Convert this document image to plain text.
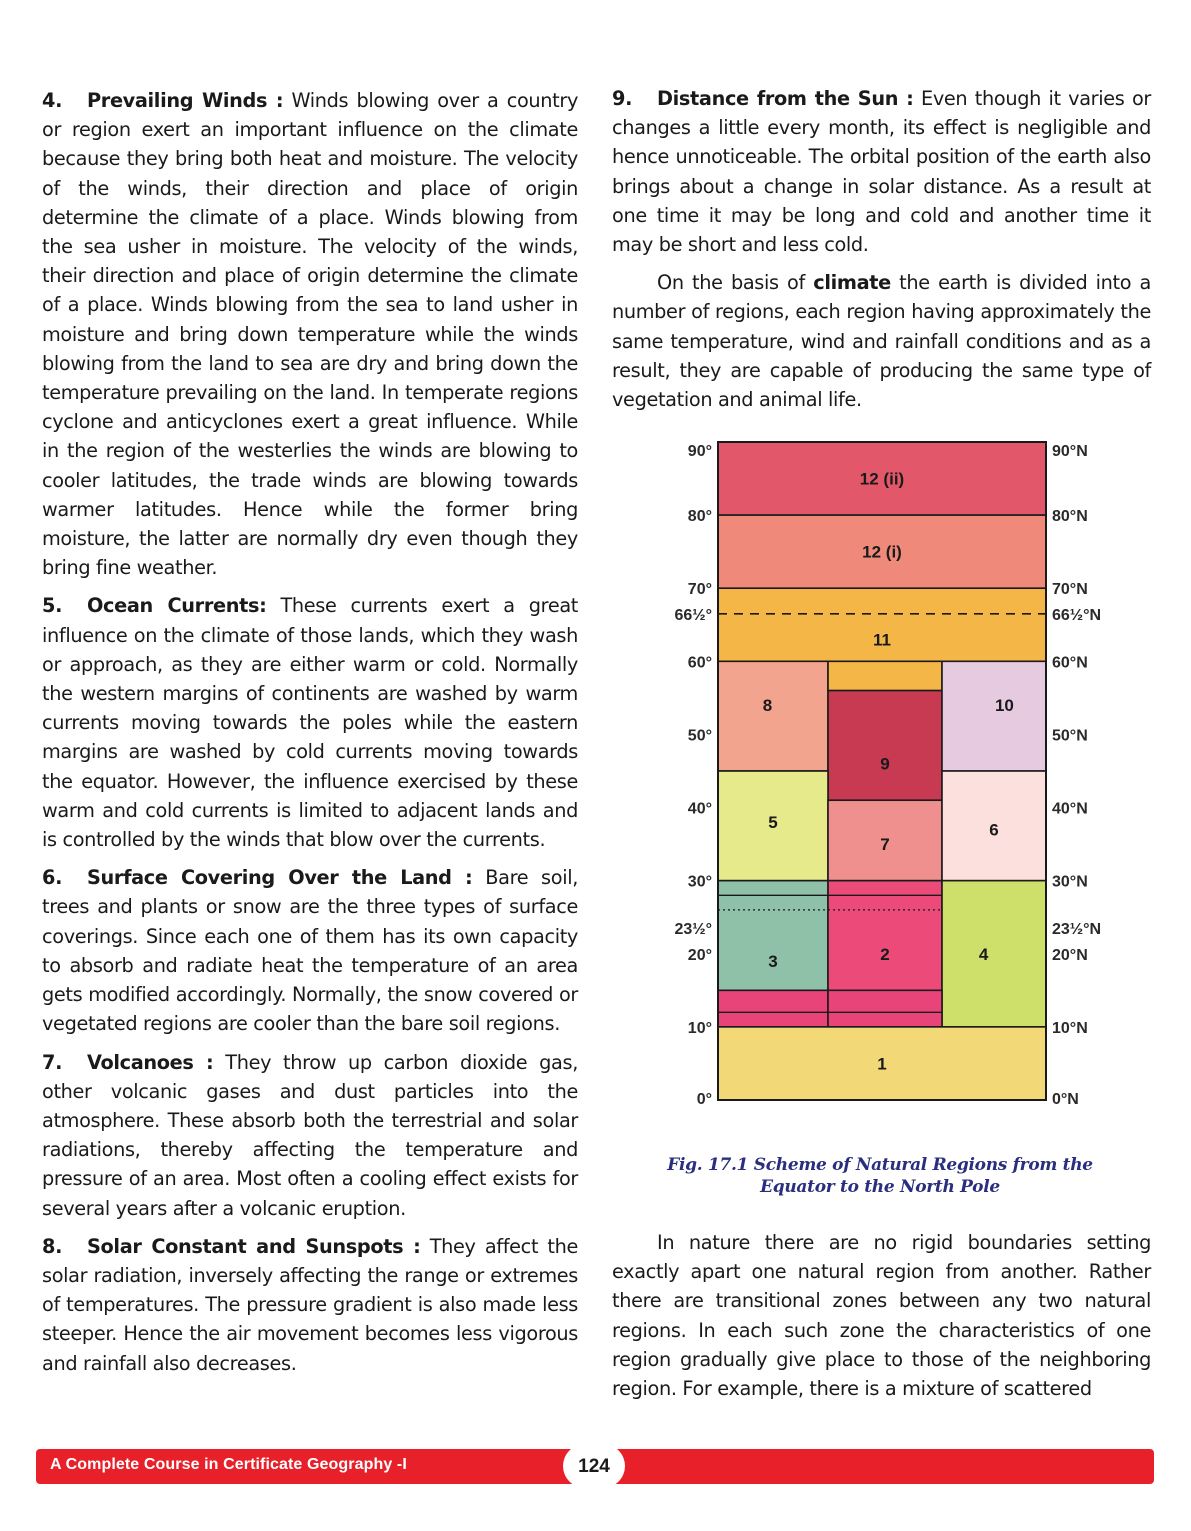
4. Prevailing Winds : Winds blowing over a country or region exert an important influence on the climate because they bring both heat and moisture. The velocity of the winds, their direction and place of origin determine the climate of a place. Winds blowing from the sea usher in moisture. The velocity of the winds, their direction and place of origin determine the climate of a place. Winds blowing from the sea to land usher in moisture and bring down temperature while the winds blowing from the land to sea are dry and bring down the temperature prevailing on the land. In temperate regions cyclone and anticyclones exert a great influence. While in the region of the westerlies the winds are blowing to cooler latitudes, the trade winds are blowing towards warmer latitudes. Hence while the former bring moisture, the latter are normally dry even though they bring fine weather.

5. Ocean Currents: These currents exert a great influence on the climate of those lands, which they wash or approach, as they are either warm or cold. Normally the western margins of continents are washed by warm currents moving towards the poles while the eastern margins are washed by cold currents moving towards the equator. However, the influence exercised by these warm and cold currents is limited to adjacent lands and is controlled by the winds that blow over the currents.

6. Surface Covering Over the Land : Bare soil, trees and plants or snow are the three types of surface coverings. Since each one of them has its own capacity to absorb and radiate heat the temperature of an area gets modified accordingly. Normally, the snow covered or vegetated regions are cooler than the bare soil regions.

7. Volcanoes : They throw up carbon dioxide gas, other volcanic gases and dust particles into the atmosphere. These absorb both the terrestrial and solar radiations, thereby affecting the temperature and pressure of an area. Most often a cooling effect exists for several years after a volcanic eruption.

8. Solar Constant and Sunspots : They affect the solar radiation, inversely affecting the range or extremes of temperatures. The pressure gradient is also made less steeper. Hence the air movement becomes less vigorous and rainfall also decreases.

9. Distance from the Sun : Even though it varies or changes a little every month, its effect is negligible and hence unnoticeable. The orbital position of the earth also brings about a change in solar distance. As a result at one time it may be long and cold and another time it may be short and less cold.

On the basis of climate the earth is divided into a number of regions, each region having approximately the same temperature, wind and rainfall conditions and as a result, they are capable of producing the same type of vegetation and animal life.

12 (ii)
12 (i)
11
8
9
10
5
7
6
3	2	4
1
90°	90°N
80°	80°N
70°	70°N
66½°	66½°N
60°	60°N
50°	50°N
40°	40°N
30°	30°N
23½°	23½°N
20°	20°N
10°	10°N
0°	0°N
Fig. 17.1 Scheme of Natural Regions from the
Equator to the North Pole

In nature there are no rigid boundaries setting exactly apart one natural region from another. Rather there are transitional zones between any two natural regions. In each such zone the characteristics of one region gradually give place to those of the neighboring region. For example, there is a mixture of scattered

A Complete Course in Certificate Geography -I	124
